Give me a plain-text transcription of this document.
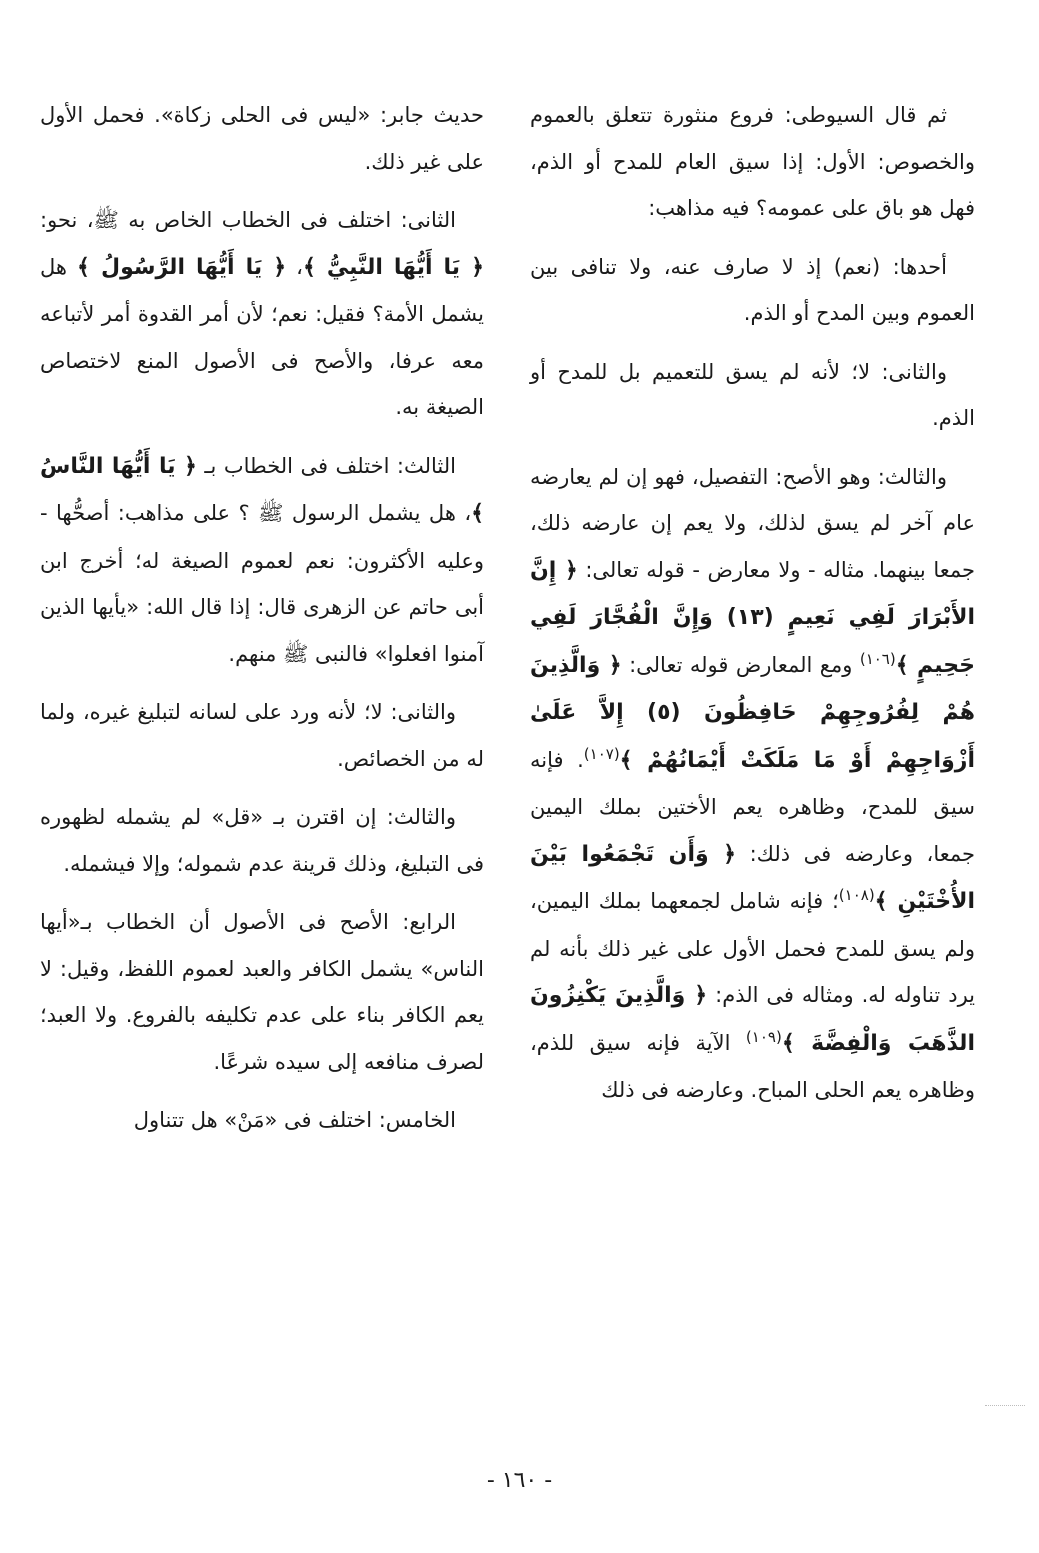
ثم قال السيوطى: فروع منثورة تتعلق بالعموم والخصوص: الأول: إذا سيق العام للمدح أو الذم، فهل هو باق على عمومه؟ فيه مذاهب:

أحدها: (نعم) إذ لا صارف عنه، ولا تنافى بين العموم وبين المدح أو الذم.

والثانى: لا؛ لأنه لم يسق للتعميم بل للمدح أو الذم.

والثالث: وهو الأصح: التفصيل، فهو إن لم يعارضه عام آخر لم يسق لذلك، ولا يعم إن عارضه ذلك، جمعا بينهما. مثاله - ولا معارض - قوله تعالى: ﴿ إِنَّ الأَبْرَارَ لَفِي نَعِيمٍ (١٣) وَإِنَّ الْفُجَّارَ لَفِي جَحِيمٍ ﴾$^{(١٠٦)}$ ومع المعارض قوله تعالى: ﴿ وَالَّذِينَ هُمْ لِفُرُوجِهِمْ حَافِظُونَ (٥) إِلاَّ عَلَىٰ أَزْوَاجِهِمْ أَوْ مَا مَلَكَتْ أَيْمَانُهُمْ ﴾$^{(١٠٧)}$. فإنه سيق للمدح، وظاهره يعم الأختين بملك اليمين جمعا، وعارضه فى ذلك: ﴿ وَأَن تَجْمَعُوا بَيْنَ الأُخْتَيْنِ ﴾$^{(١٠٨)}$؛ فإنه شامل لجمعهما بملك اليمين، ولم يسق للمدح فحمل الأول على غير ذلك بأنه لم يرد تناوله له. ومثاله فى الذم: ﴿ وَالَّذِينَ يَكْنِزُونَ الذَّهَبَ وَالْفِضَّةَ ﴾$^{(١٠٩)}$ الآية فإنه سيق للذم، وظاهره يعم الحلى المباح. وعارضه فى ذلك

حديث جابر: «ليس فى الحلى زكاة». فحمل الأول على غير ذلك.

الثانى: اختلف فى الخطاب الخاص به ﷺ، نحو: ﴿ يَا أَيُّهَا النَّبِيُّ ﴾، ﴿ يَا أَيُّهَا الرَّسُولُ ﴾ هل يشمل الأمة؟ فقيل: نعم؛ لأن أمر القدوة أمر لأتباعه معه عرفا، والأصح فى الأصول المنع لاختصاص الصيغة به.

الثالث: اختلف فى الخطاب بـ ﴿ يَا أَيُّهَا النَّاسُ ﴾، هل يشمل الرسول ﷺ ؟ على مذاهب: أصحُّها - وعليه الأكثرون: نعم لعموم الصيغة له؛ أخرج ابن أبى حاتم عن الزهرى قال: إذا قال الله: «يأيها الذين آمنوا افعلوا» فالنبى ﷺ منهم.

والثانى: لا؛ لأنه ورد على لسانه لتبليغ غيره، ولما له من الخصائص.

والثالث: إن اقترن بـ «قل» لم يشمله لظهوره فى التبليغ، وذلك قرينة عدم شموله؛ وإلا فيشمله.

الرابع: الأصح فى الأصول أن الخطاب بـ«أيها الناس» يشمل الكافر والعبد لعموم اللفظ، وقيل: لا يعم الكافر بناء على عدم تكليفه بالفروع. ولا العبد؛ لصرف منافعه إلى سيده شرعًا.

الخامس: اختلف فى «مَنْ» هل تتناول

- ١٦٠ -
